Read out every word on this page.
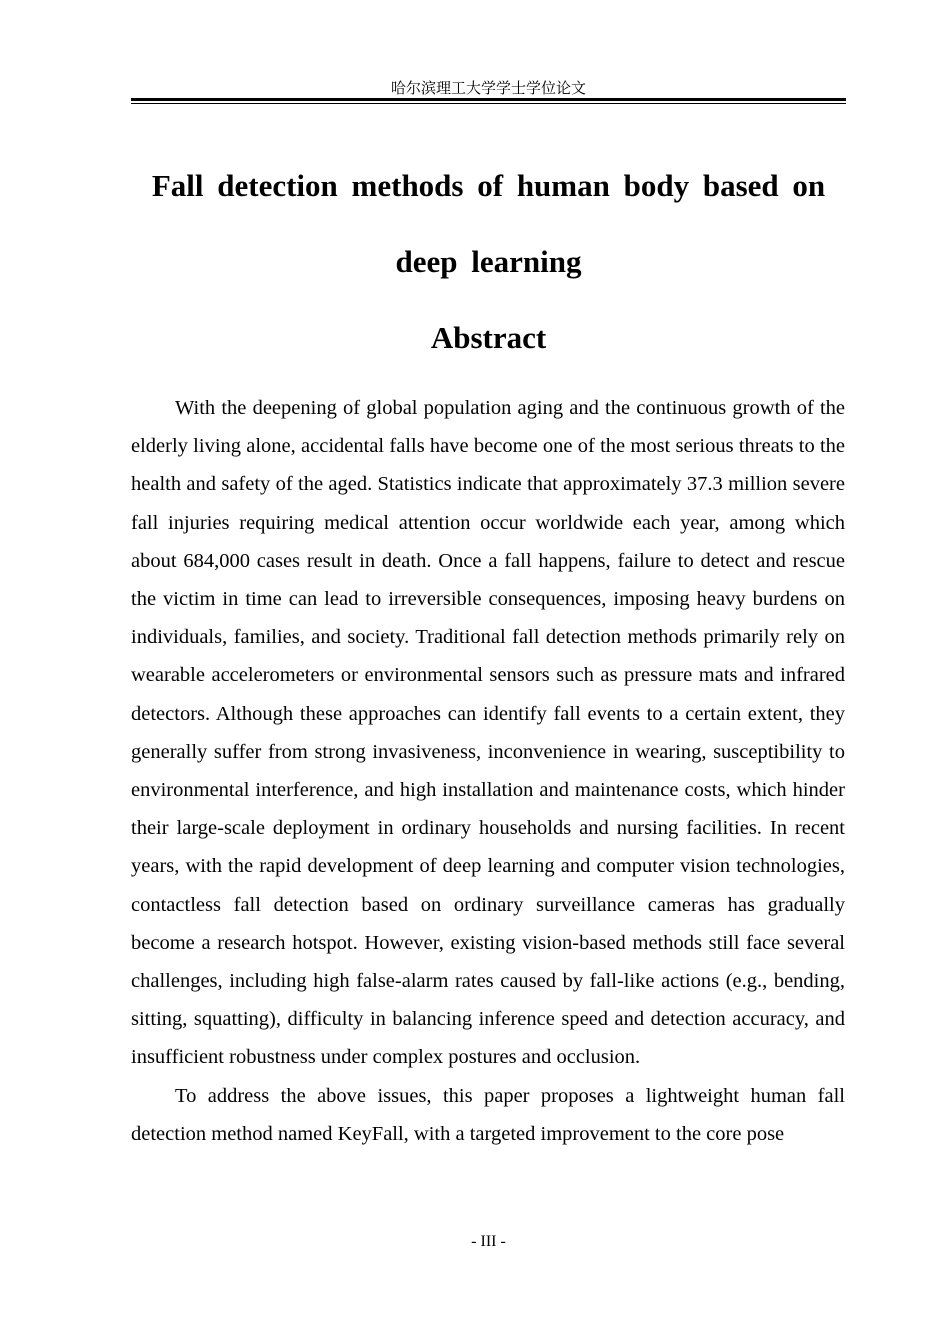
哈尔滨理工大学学士学位论文
Fall detection methods of human body based on deep learning
Abstract

With the deepening of global population aging and the continuous growth of the elderly living alone, accidental falls have become one of the most serious threats to the health and safety of the aged. Statistics indicate that approximately 37.3 million severe fall injuries requiring medical attention occur worldwide each year, among which about 684,000 cases result in death. Once a fall happens, failure to detect and rescue the victim in time can lead to irreversible consequences, imposing heavy burdens on individuals, families, and society. Traditional fall detection methods primarily rely on wearable accelerometers or environmental sensors such as pressure mats and infrared detectors. Although these approaches can identify fall events to a certain extent, they generally suffer from strong invasiveness, inconvenience in wearing, susceptibility to environmental interference, and high installation and maintenance costs, which hinder their large-scale deployment in ordinary households and nursing facilities. In recent years, with the rapid development of deep learning and computer vision technologies, contactless fall detection based on ordinary surveillance cameras has gradually become a research hotspot. However, existing vision-based methods still face several challenges, including high false-alarm rates caused by fall-like actions (e.g., bending, sitting, squatting), difficulty in balancing inference speed and detection accuracy, and insufficient robustness under complex postures and occlusion.

To address the above issues, this paper proposes a lightweight human fall detection method named KeyFall, with a targeted improvement to the core pose

- III -
